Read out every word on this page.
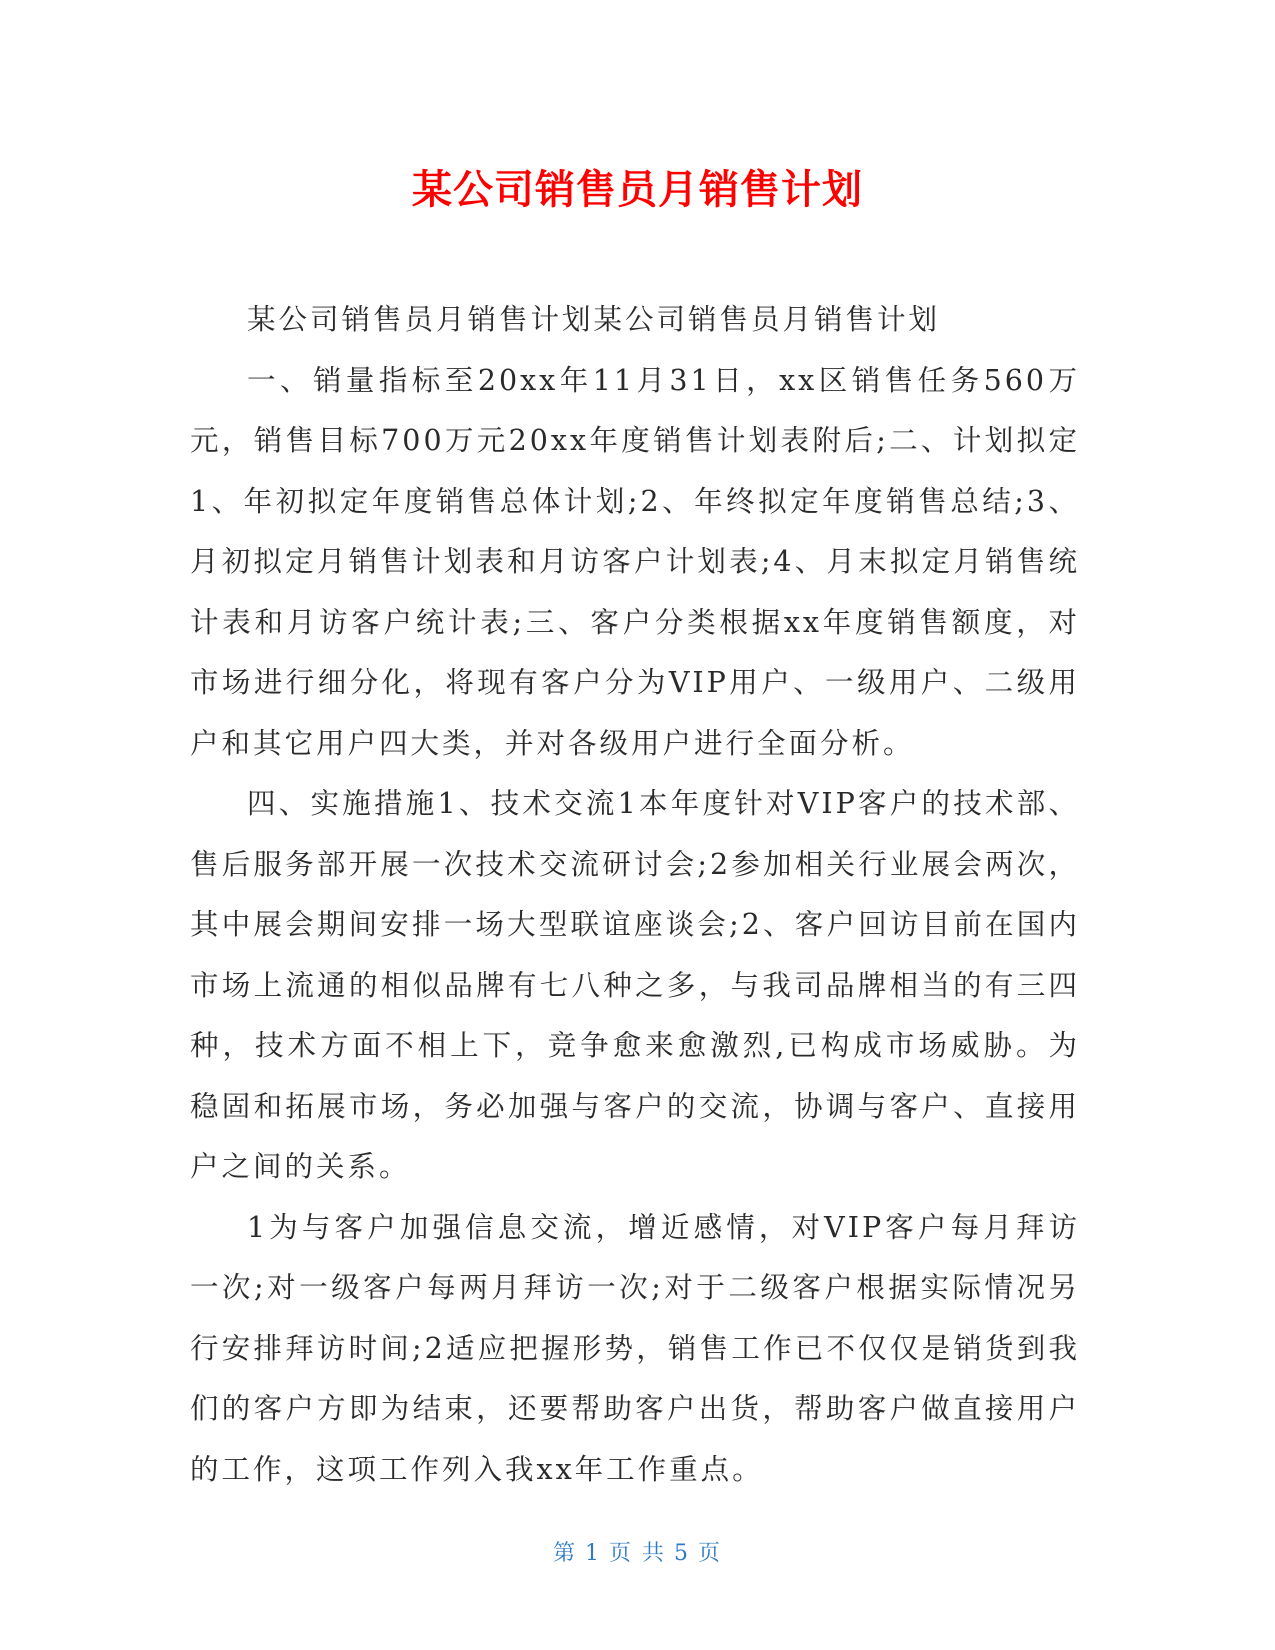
某公司销售员月销售计划

某公司销售员月销售计划某公司销售员月销售计划

一、销量指标至20xx年11月31日，xx区销售任务560万元，销售目标700万元20xx年度销售计划表附后;二、计划拟定1、年初拟定年度销售总体计划;2、年终拟定年度销售总结;3、月初拟定月销售计划表和月访客户计划表;4、月末拟定月销售统计表和月访客户统计表;三、客户分类根据xx年度销售额度，对市场进行细分化，将现有客户分为VIP用户、一级用户、二级用户和其它用户四大类，并对各级用户进行全面分析。

四、实施措施1、技术交流1本年度针对VIP客户的技术部、售后服务部开展一次技术交流研讨会;2参加相关行业展会两次，其中展会期间安排一场大型联谊座谈会;2、客户回访目前在国内市场上流通的相似品牌有七八种之多，与我司品牌相当的有三四种，技术方面不相上下，竞争愈来愈激烈,已构成市场威胁。为稳固和拓展市场，务必加强与客户的交流，协调与客户、直接用户之间的关系。

1为与客户加强信息交流，增近感情，对VIP客户每月拜访一次;对一级客户每两月拜访一次;对于二级客户根据实际情况另行安排拜访时间;2适应把握形势，销售工作已不仅仅是销货到我们的客户方即为结束，还要帮助客户出货，帮助客户做直接用户的工作，这项工作列入我xx年工作重点。

第 1 页 共 5 页
